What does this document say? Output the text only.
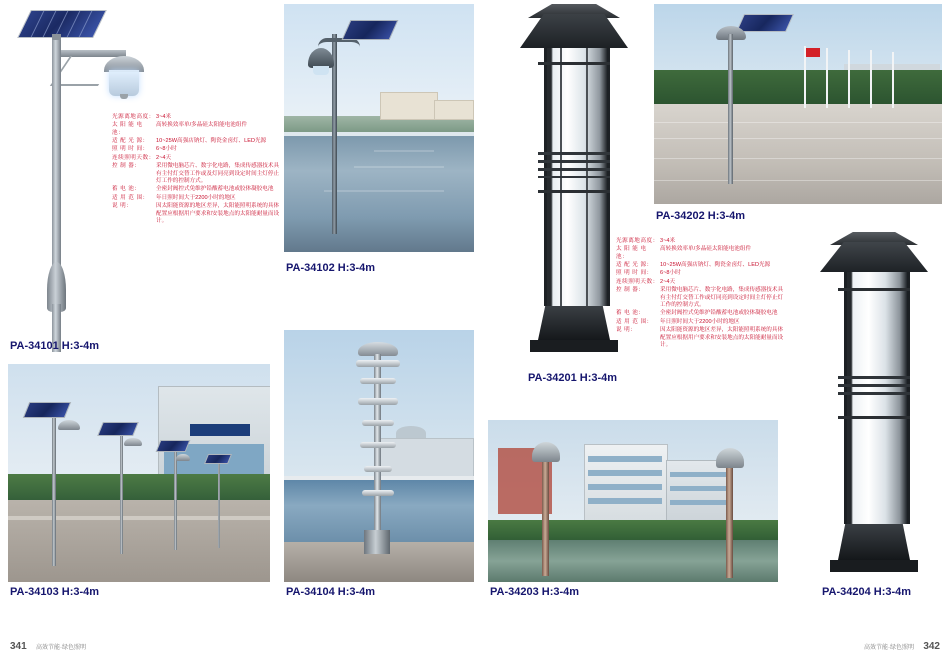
光源离地高度： 3~4米
太 阳 能 电 池：
高转换效率单/多晶硅太阳能电池组件
适 配 光 源：	10~25W高强店钠灯、陶瓷金卤灯、LED光源
照 明 时 间：	6~8小时
连续照明天数： 2~4天
控 制 器：	采用微电脑芯片、数字化电路，集成传感器技术具有主付灯交替工作或及灯同亮到设定时间主灯停止灯工作的控制方式。
蓄 电 池：	全密封阀控式免维护铅酸蓄电池或胶体凝胶电池
适 用 范 围：	年日照时间大于2200小时的地区
说 明：	因太阳能资源的地区差异，太阳能照明系统的具体配置应根据用户要求和安装地点的太阳能耐量而设计。
PA-34101 H:3-4m
PA-34102 H:3-4m
PA-34201 H:3-4m
光源离地高度： 3~4米
太 阳 能 电 池：
高转换效率单/多晶硅太阳能电池组件
适 配 光 源：	10~25W高强店钠灯、陶瓷金卤灯、LED光源
照 明 时 间：	6~8小时
连续照明天数： 2~4天
控 制 器：	采用微电脑芯片、数字化电路，集成传感器技术具有主付灯交替工作或灯同亮到设定时间主灯停止灯工作的控制方式。
蓄 电 池：	全密封阀控式免维护铅酸蓄电池或胶体凝胶电池
适 用 范 围：	年日照时间大于2200小时的地区
说 明：	因太阳能资源的地区差异，太阳能照明系统的具体配置应根据用户要求和安装地点的太阳能耐量而设计。
PA-34202 H:3-4m
PA-34103 H:3-4m	PA-34104 H:3-4m	PA-34203 H:3-4m	PA-34204 H:3-4m
341 高效节能·绿色照明	高效节能·绿色照明 342
